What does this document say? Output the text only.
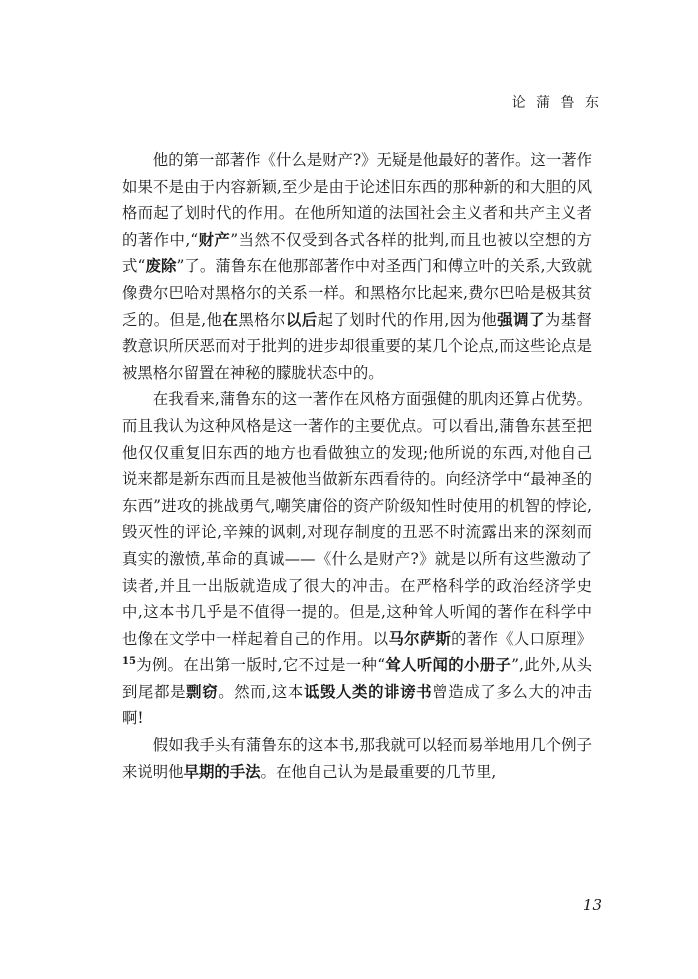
论 蒲 鲁 东

他的第一部著作《什么是财产?》无疑是他最好的著作。这一著作如果不是由于内容新颖,至少是由于论述旧东西的那种新的和大胆的风格而起了划时代的作用。在他所知道的法国社会主义者和共产主义者的著作中,“财产”当然不仅受到各式各样的批判,而且也被以空想的方式“废除”了。蒲鲁东在他那部著作中对圣西门和傅立叶的关系,大致就像费尔巴哈对黑格尔的关系一样。和黑格尔比起来,费尔巴哈是极其贫乏的。但是,他在黑格尔以后起了划时代的作用,因为他强调了为基督教意识所厌恶而对于批判的进步却很重要的某几个论点,而这些论点是被黑格尔留置在神秘的朦胧状态中的。

在我看来,蒲鲁东的这一著作在风格方面强健的肌肉还算占优势。而且我认为这种风格是这一著作的主要优点。可以看出,蒲鲁东甚至把他仅仅重复旧东西的地方也看做独立的发现;他所说的东西,对他自己说来都是新东西而且是被他当做新东西看待的。向经济学中“最神圣的东西”进攻的挑战勇气,嘲笑庸俗的资产阶级知性时使用的机智的悖论,毁灭性的评论,辛辣的讽刺,对现存制度的丑恶不时流露出来的深刻而真实的激愤,革命的真诚——《什么是财产?》就是以所有这些激动了读者,并且一出版就造成了很大的冲击。在严格科学的政治经济学史中,这本书几乎是不值得一提的。但是,这种耸人听闻的著作在科学中也像在文学中一样起着自己的作用。以马尔萨斯的著作《人口原理》$^{15}$为例。在出第一版时,它不过是一种“耸人听闻的小册子”,此外,从头到尾都是剽窃。然而,这本诋毁人类的诽谤书曾造成了多么大的冲击啊!

假如我手头有蒲鲁东的这本书,那我就可以轻而易举地用几个例子来说明他早期的手法。在他自己认为是最重要的几节里,

13
